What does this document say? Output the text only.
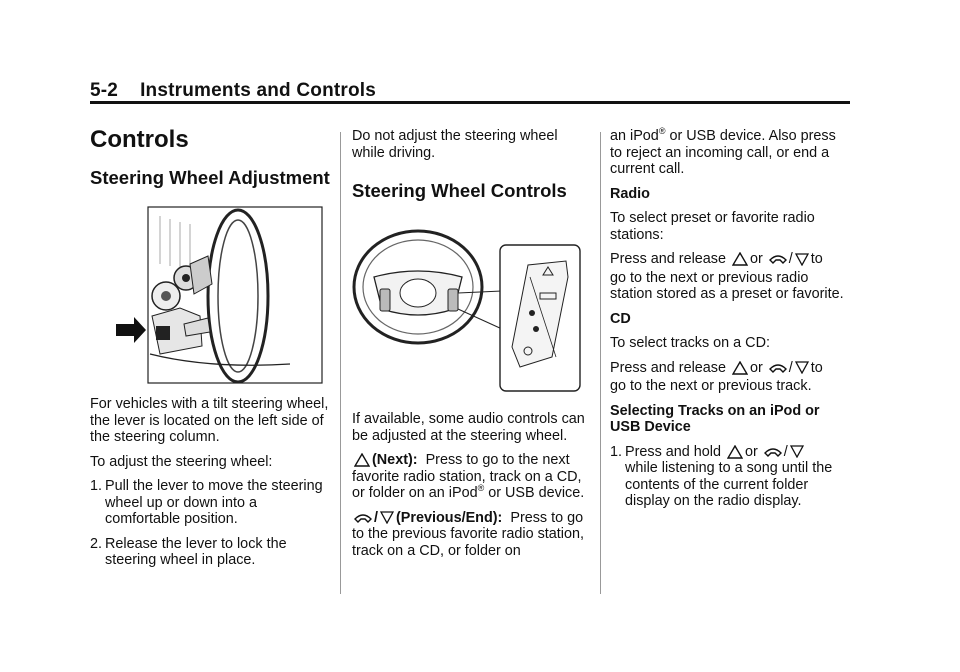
5-2 Instruments and Controls
Controls
Steering Wheel Adjustment

For vehicles with a tilt steering wheel, the lever is located on the left side of the steering column.

To adjust the steering wheel:

1. Pull the lever to move the steering wheel up or down into a comfortable position.
2. Release the lever to lock the steering wheel in place.

Do not adjust the steering wheel while driving.

Steering Wheel Controls

If available, some audio controls can be adjusted at the steering wheel.

(Next): Press to go to the next favorite radio station, track on a CD, or folder on an iPod® or USB device.

/ (Previous/End): Press to go to the previous favorite radio station, track on a CD, or folder on

an iPod® or USB device. Also press to reject an incoming call, or end a current call.

Radio

To select preset or favorite radio stations:

Press and release or / to

go to the next or previous radio station stored as a preset or favorite.

CD

To select tracks on a CD:

Press and release or / to

go to the next or previous track.

Selecting Tracks on an iPod or USB Device

1. Press and hold or /
while listening to a song until the contents of the current folder display on the radio display.
